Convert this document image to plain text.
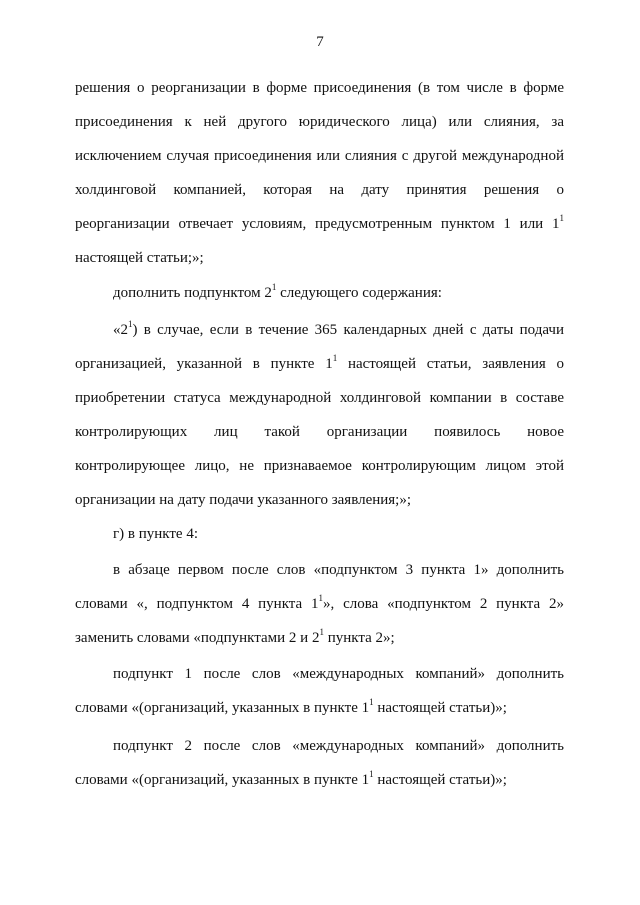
7
решения о реорганизации в форме присоединения (в том числе в форме
присоединения к ней другого юридического лица) или слияния, за
исключением случая присоединения или слияния с другой международной
холдинговой компанией, которая на дату принятия решения о
реорганизации отвечает условиям, предусмотренным пунктом 1 или $1^1$
настоящей статьи;»;
дополнить подпунктом $2^1$ следующего содержания:
«$2^1$) в случае, если в течение 365 календарных дней с даты подачи
организацией, указанной в пункте $1^1$ настоящей статьи, заявления о
приобретении статуса международной холдинговой компании в составе
контролирующих лиц такой организации появилось новое
контролирующее лицо, не признаваемое контролирующим лицом этой
организации на дату подачи указанного заявления;»;
г) в пункте 4:
в абзаце первом после слов «подпунктом 3 пункта 1» дополнить
словами «, подпунктом 4 пункта $1^1$», слова «подпунктом 2 пункта 2»
заменить словами «подпунктами 2 и $2^1$ пункта 2»;
подпункт 1 после слов «международных компаний» дополнить
словами «(организаций, указанных в пункте $1^1$ настоящей статьи)»;
подпункт 2 после слов «международных компаний» дополнить
словами «(организаций, указанных в пункте $1^1$ настоящей статьи)»;
